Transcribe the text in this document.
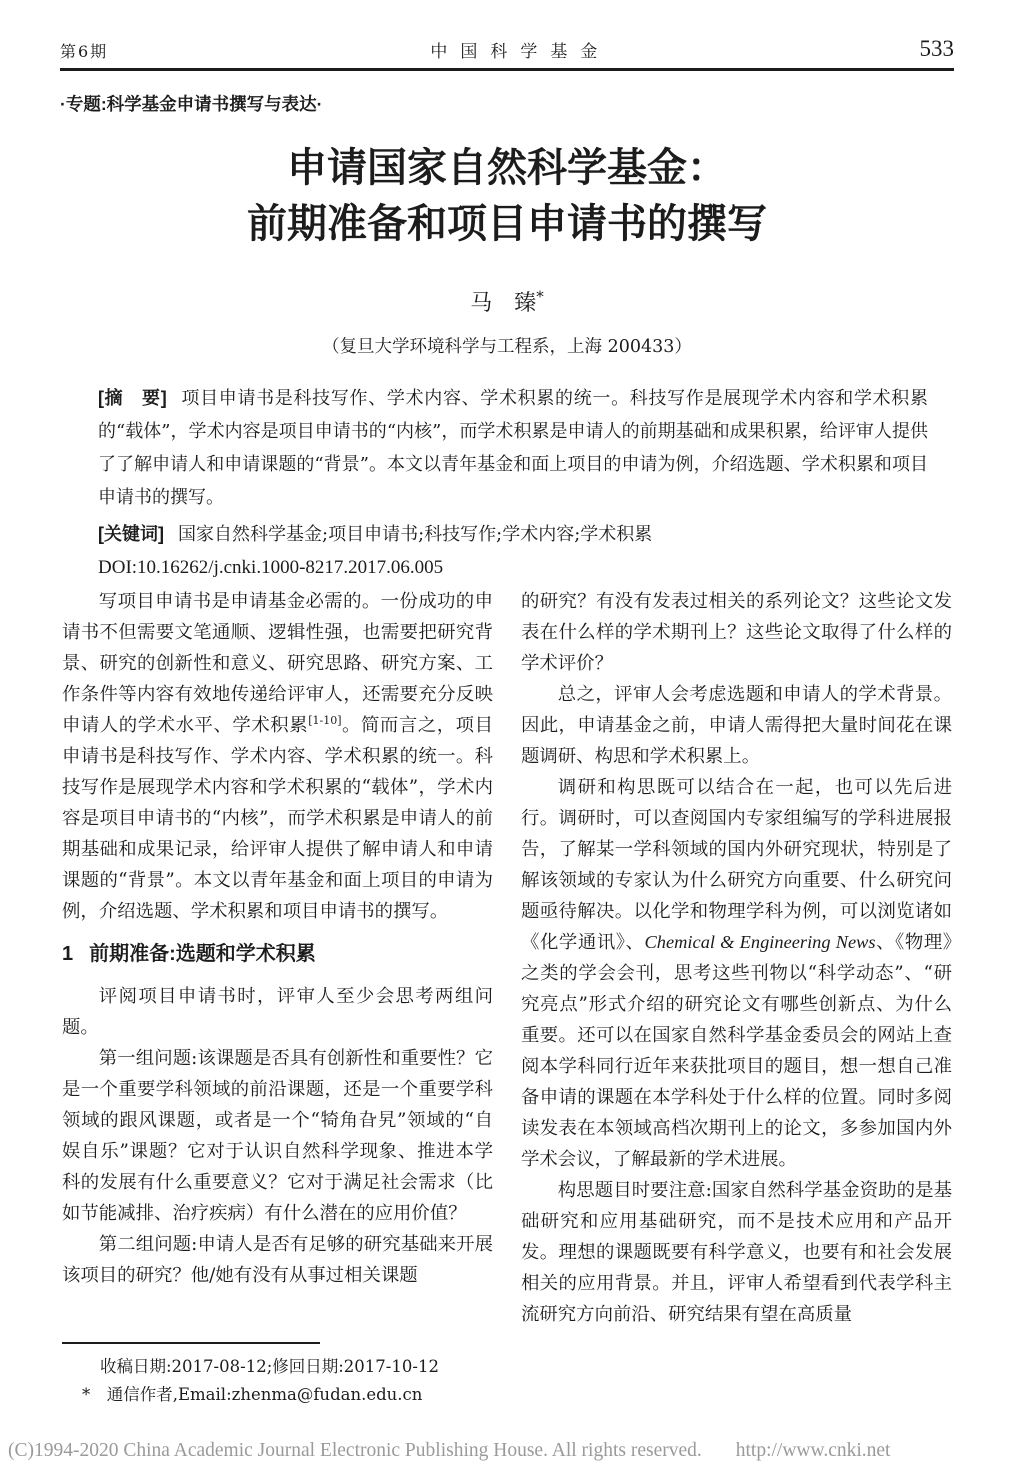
第6期	中国科学基金	533
·专题:科学基金申请书撰写与表达·
申请国家自然科学基金：
前期准备和项目申请书的撰写
马　臻*
（复旦大学环境科学与工程系，上海 200433）
[摘　要] 项目申请书是科技写作、学术内容、学术积累的统一。科技写作是展现学术内容和学术积累的“载体”，学术内容是项目申请书的“内核”，而学术积累是申请人的前期基础和成果积累，给评审人提供了了解申请人和申请课题的“背景”。本文以青年基金和面上项目的申请为例，介绍选题、学术积累和项目申请书的撰写。
[关键词] 国家自然科学基金;项目申请书;科技写作;学术内容;学术积累
DOI:10.16262/j.cnki.1000-8217.2017.06.005

写项目申请书是申请基金必需的。一份成功的申请书不但需要文笔通顺、逻辑性强，也需要把研究背景、研究的创新性和意义、研究思路、研究方案、工作条件等内容有效地传递给评审人，还需要充分反映申请人的学术水平、学术积累[1-10]。简而言之，项目申请书是科技写作、学术内容、学术积累的统一。科技写作是展现学术内容和学术积累的“载体”，学术内容是项目申请书的“内核”，而学术积累是申请人的前期基础和成果记录，给评审人提供了解申请人和申请课题的“背景”。本文以青年基金和面上项目的申请为例，介绍选题、学术积累和项目申请书的撰写。

1 前期准备:选题和学术积累

评阅项目申请书时，评审人至少会思考两组问题。

第一组问题:该课题是否具有创新性和重要性？它是一个重要学科领域的前沿课题，还是一个重要学科领域的跟风课题，或者是一个“犄角旮旯”领域的“自娱自乐”课题？它对于认识自然科学现象、推进本学科的发展有什么重要意义？它对于满足社会需求（比如节能减排、治疗疾病）有什么潜在的应用价值？

第二组问题:申请人是否有足够的研究基础来开展该项目的研究？他/她有没有从事过相关课题

的研究？有没有发表过相关的系列论文？这些论文发表在什么样的学术期刊上？这些论文取得了什么样的学术评价？

总之，评审人会考虑选题和申请人的学术背景。因此，申请基金之前，申请人需得把大量时间花在课题调研、构思和学术积累上。

调研和构思既可以结合在一起，也可以先后进行。调研时，可以查阅国内专家组编写的学科进展报告，了解某一学科领域的国内外研究现状，特别是了解该领域的专家认为什么研究方向重要、什么研究问题亟待解决。以化学和物理学科为例，可以浏览诸如《化学通讯》、Chemical & Engineering News、《物理》之类的学会会刊，思考这些刊物以“科学动态”、“研究亮点”形式介绍的研究论文有哪些创新点、为什么重要。还可以在国家自然科学基金委员会的网站上查阅本学科同行近年来获批项目的题目，想一想自己准备申请的课题在本学科处于什么样的位置。同时多阅读发表在本领域高档次期刊上的论文，多参加国内外学术会议，了解最新的学术进展。

构思题目时要注意:国家自然科学基金资助的是基础研究和应用基础研究，而不是技术应用和产品开发。理想的课题既要有科学意义，也要有和社会发展相关的应用背景。并且，评审人希望看到代表学科主流研究方向前沿、研究结果有望在高质量

收稿日期:2017-08-12;修回日期:2017-10-12
*　通信作者,Email:zhenma@fudan.edu.cn
(C)1994-2020 China Academic Journal Electronic Publishing House. All rights reserved. http://www.cnki.net
